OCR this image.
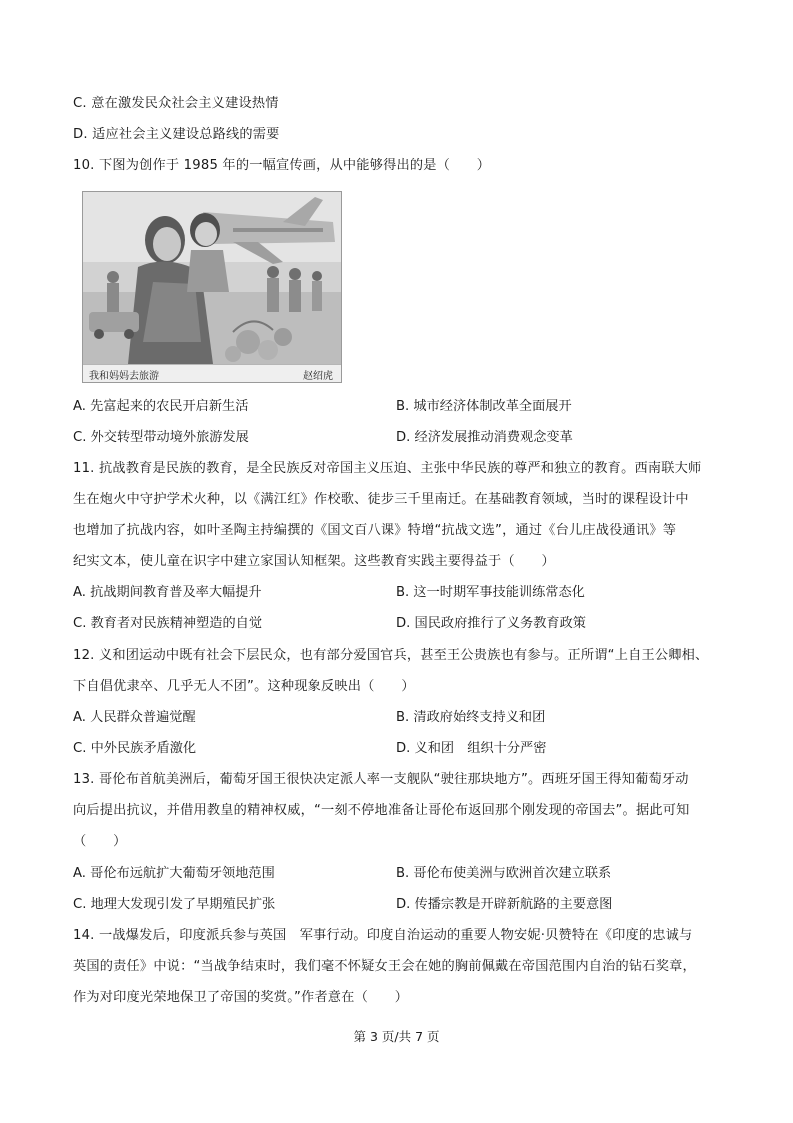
C. 意在激发民众社会主义建设热情
D. 适应社会主义建设总路线的需要
10. 下图为创作于 1985 年的一幅宣传画，从中能够得出的是（　　）
我和妈妈去旅游	赵绍虎
A. 先富起来的农民开启新生活	B. 城市经济体制改革全面展开
C. 外交转型带动境外旅游发展	D. 经济发展推动消费观念变革
11. 抗战教育是民族的教育，是全民族反对帝国主义压迫、主张中华民族的尊严和独立的教育。西南联大师
生在炮火中守护学术火种，以《满江红》作校歌、徒步三千里南迁。在基础教育领域，当时的课程设计中
也增加了抗战内容，如叶圣陶主持编撰的《国文百八课》特增“抗战文选”，通过《台儿庄战役通讯》等
纪实文本，使儿童在识字中建立家国认知框架。这些教育实践主要得益于（　　）
A. 抗战期间教育普及率大幅提升	B. 这一时期军事技能训练常态化
C. 教育者对民族精神塑造的自觉	D. 国民政府推行了义务教育政策
12. 义和团运动中既有社会下层民众，也有部分爱国官兵，甚至王公贵族也有参与。正所谓“上自王公卿相、
下自倡优隶卒、几乎无人不团”。这种现象反映出（　　）
A. 人民群众普遍觉醒	B. 清政府始终支持义和团
C. 中外民族矛盾激化	D. 义和团　组织十分严密
13. 哥伦布首航美洲后，葡萄牙国王很快决定派人率一支舰队“驶往那块地方”。西班牙国王得知葡萄牙动
向后提出抗议，并借用教皇的精神权威，“一刻不停地准备让哥伦布返回那个刚发现的帝国去”。据此可知
（　　）
A. 哥伦布远航扩大葡萄牙领地范围	B. 哥伦布使美洲与欧洲首次建立联系
C. 地理大发现引发了早期殖民扩张	D. 传播宗教是开辟新航路的主要意图
14. 一战爆发后，印度派兵参与英国　军事行动。印度自治运动的重要人物安妮·贝赞特在《印度的忠诚与
英国的责任》中说：“当战争结束时，我们毫不怀疑女王会在她的胸前佩戴在帝国范围内自治的钻石奖章，
作为对印度光荣地保卫了帝国的奖赏。”作者意在（　　）
第 3 页/共 7 页
